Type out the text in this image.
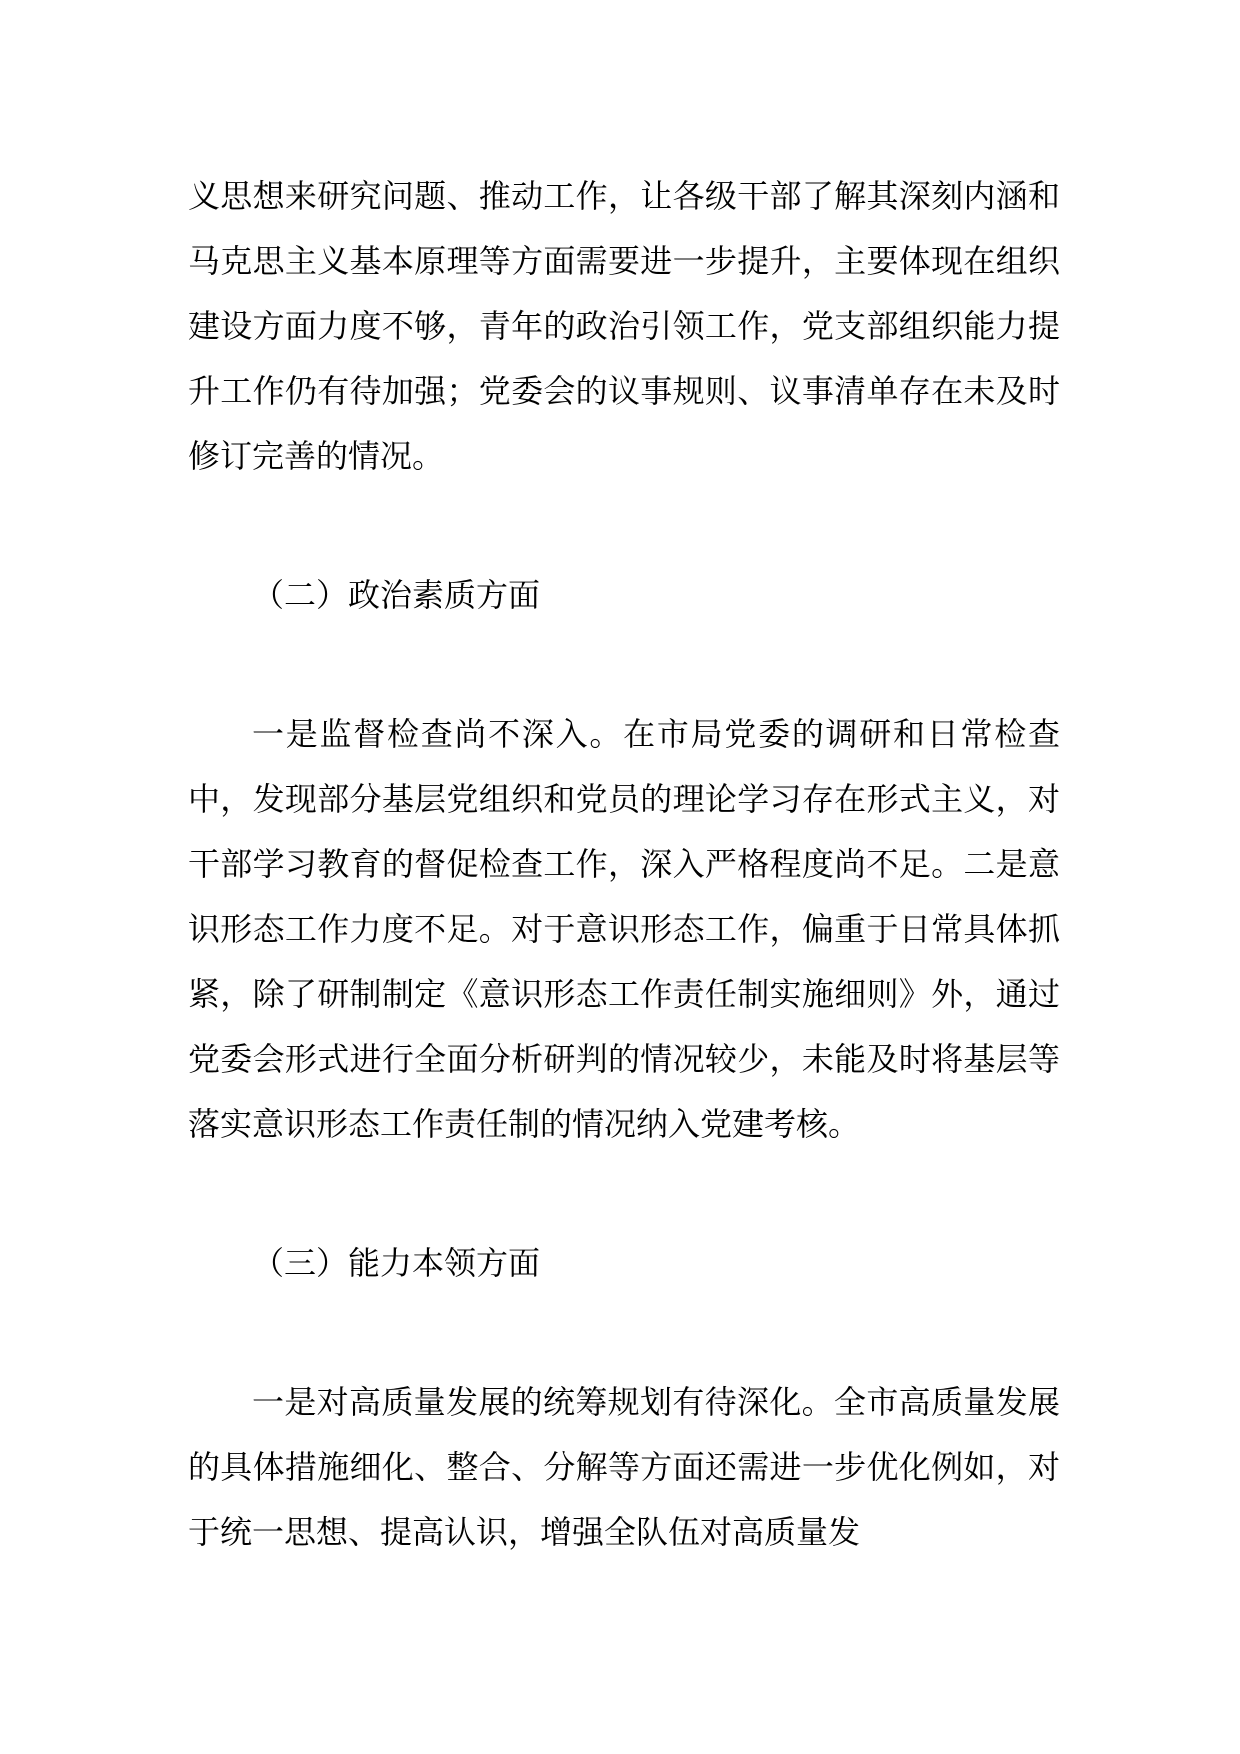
义思想来研究问题、推动工作，让各级干部了解其深刻内涵和马克思主义基本原理等方面需要进一步提升，主要体现在组织建设方面力度不够，青年的政治引领工作，党支部组织能力提升工作仍有待加强；党委会的议事规则、议事清单存在未及时修订完善的情况。

（二）政治素质方面

一是监督检查尚不深入。在市局党委的调研和日常检查中，发现部分基层党组织和党员的理论学习存在形式主义，对干部学习教育的督促检查工作，深入严格程度尚不足。二是意识形态工作力度不足。对于意识形态工作，偏重于日常具体抓紧，除了研制制定《意识形态工作责任制实施细则》外，通过党委会形式进行全面分析研判的情况较少，未能及时将基层等落实意识形态工作责任制的情况纳入党建考核。

（三）能力本领方面

一是对高质量发展的统筹规划有待深化。全市高质量发展的具体措施细化、整合、分解等方面还需进一步优化例如，对于统一思想、提高认识，增强全队伍对高质量发
